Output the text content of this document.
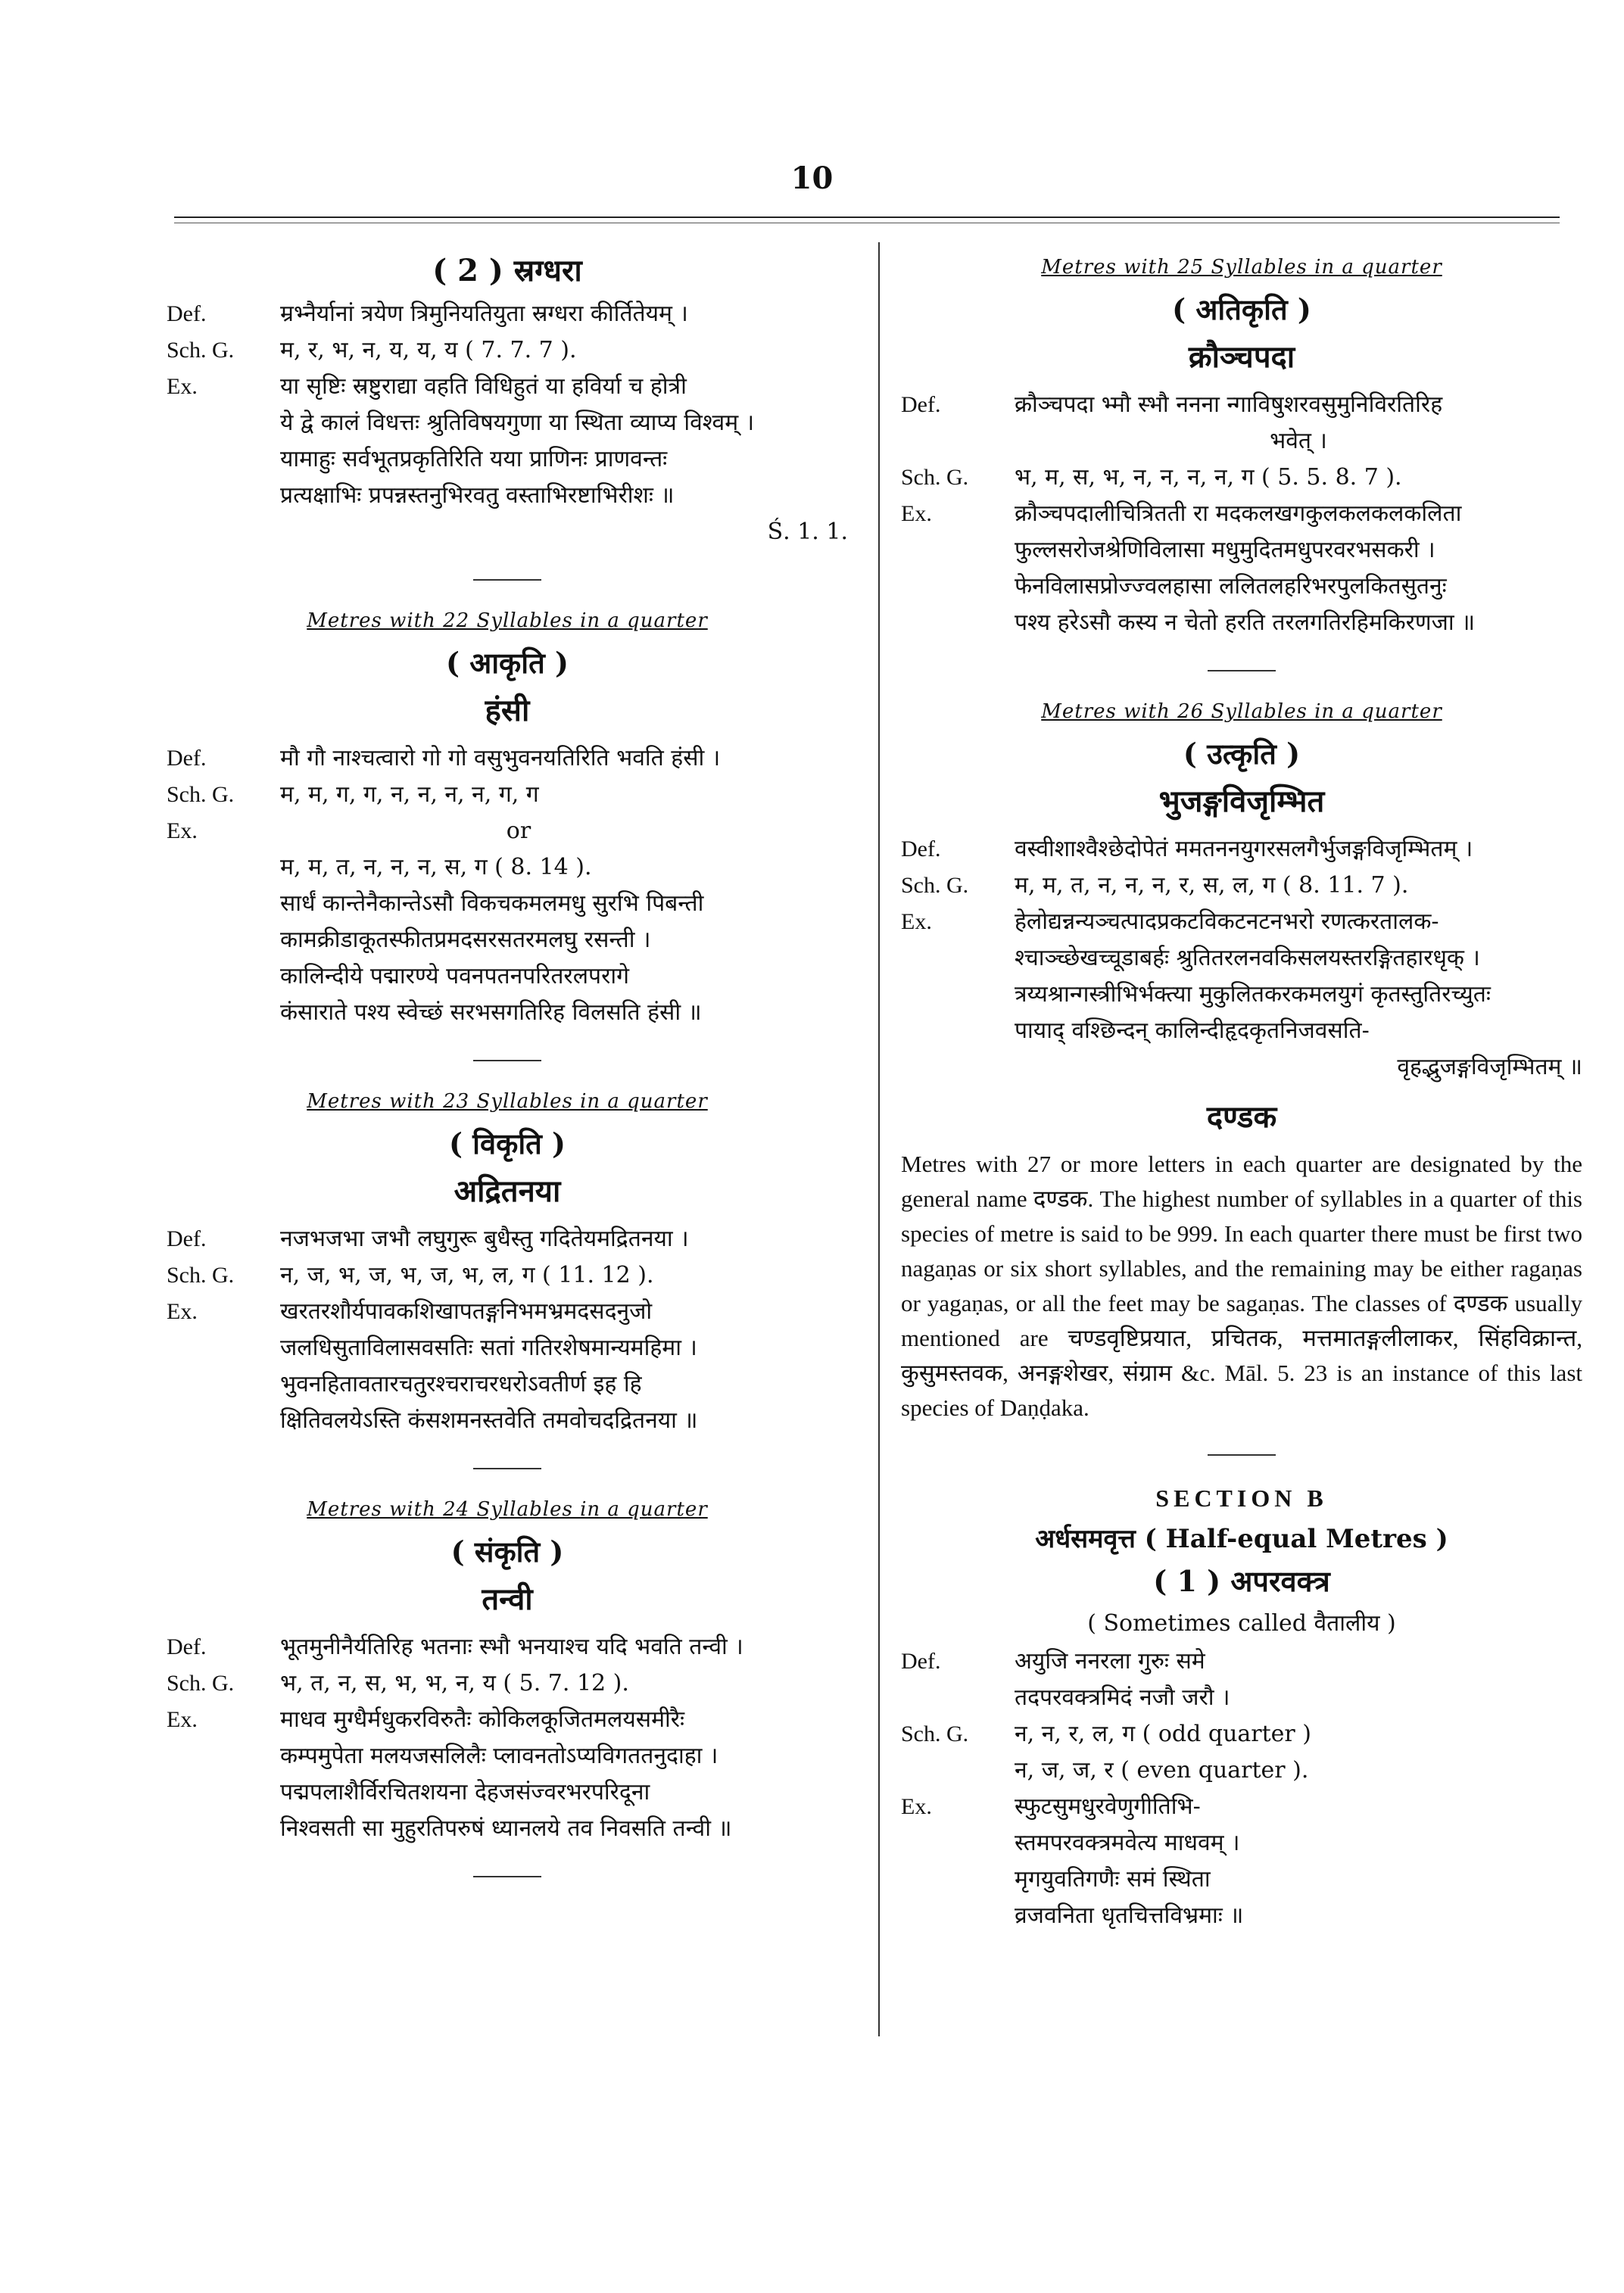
10
( 2 ) स्रग्धरा
Def.	म्रभ्नैर्यानां त्रयेण त्रिमुनियतियुता स्रग्धरा कीर्तितेयम् ।
Sch. G.	म, र, भ, न, य, य, य ( 7. 7. 7 ).
Ex.	या सृष्टिः स्रष्टुराद्या वहति विधिहुतं या हविर्या च होत्री
ये द्वे कालं विधत्तः श्रुतिविषयगुणा या स्थिता व्याप्य विश्वम् ।
यामाहुः सर्वभूतप्रकृतिरिति यया प्राणिनः प्राणवन्तः
प्रत्यक्षाभिः प्रपन्नस्तनुभिरवतु वस्ताभिरष्टाभिरीशः ॥
Ś. 1. 1.
Metres with 22 Syllables in a quarter
( आकृति )
हंसी
Def.	मौ गौ नाश्चत्वारो गो गो वसुभुवनयतिरिति भवति हंसी ।
Sch. G.	म, म, ग, ग, न, न, न, न, ग, ग
Ex.	or
म, म, त, न, न, न, स, ग ( 8. 14 ).
सार्धं कान्तेनैकान्तेऽसौ विकचकमलमधु सुरभि पिबन्ती
कामक्रीडाकूतस्फीतप्रमदसरसतरमलघु रसन्ती ।
कालिन्दीये पद्मारण्ये पवनपतनपरितरलपरागे
कंसाराते पश्य स्वेच्छं सरभसगतिरिह विलसति हंसी ॥
Metres with 23 Syllables in a quarter
( विकृति )
अद्रितनया
Def.	नजभजभा जभौ लघुगुरू बुधैस्तु गदितेयमद्रितनया ।
Sch. G.	न, ज, भ, ज, भ, ज, भ, ल, ग ( 11. 12 ).
Ex.	खरतरशौर्यपावकशिखापतङ्गनिभमभ्रमदसदनुजो
जलधिसुताविलासवसतिः सतां गतिरशेषमान्यमहिमा ।
भुवनहितावतारचतुरश्चराचरधरोऽवतीर्ण इह हि
क्षितिवलयेऽस्ति कंसशमनस्तवेति तमवोचदद्रितनया ॥
Metres with 24 Syllables in a quarter
( संकृति )
तन्वी
Def.	भूतमुनीनैर्यतिरिह भतनाः स्भौ भनयाश्च यदि भवति तन्वी ।
Sch. G.	भ, त, न, स, भ, भ, न, य ( 5. 7. 12 ).
Ex.	माधव मुग्धैर्मधुकरविरुतैः कोकिलकूजितमलयसमीरैः
कम्पमुपेता मलयजसलिलैः प्लावनतोऽप्यविगततनुदाहा ।
पद्मपलाशैर्विरचितशयना देहजसंज्वरभरपरिदूना
निश्वसती सा मुहुरतिपरुषं ध्यानलये तव निवसति तन्वी ॥
Metres with 25 Syllables in a quarter
( अतिकृति )
क्रौञ्चपदा
Def.	क्रौञ्चपदा भ्मौ स्भौ ननना न्गाविषुशरवसुमुनिविरतिरिह
भवेत् ।
Sch. G.	भ, म, स, भ, न, न, न, न, ग ( 5. 5. 8. 7 ).
Ex.	क्रौञ्चपदालीचित्रितती रा मदकलखगकुलकलकलकलिता
फुल्लसरोजश्रेणिविलासा मधुमुदितमधुपरवरभसकरी ।
फेनविलासप्रोज्ज्वलहासा ललितलहरिभरपुलकितसुतनुः
पश्य हरेऽसौ कस्य न चेतो हरति तरलगतिरहिमकिरणजा ॥
Metres with 26 Syllables in a quarter
( उत्कृति )
भुजङ्गविजृम्भित
Def.	वस्वीशाश्वैश्छेदोपेतं ममतननयुगरसलगैर्भुजङ्गविजृम्भितम् ।
Sch. G.	म, म, त, न, न, न, र, स, ल, ग ( 8. 11. 7 ).
Ex.	हेलोद्यन्नन्यञ्चत्पादप्रकटविकटनटनभरो रणत्करतालक-
श्चाञ्च्छेखच्चूडाबर्हः श्रुतितरलनवकिसलयस्तरङ्गितहारधृक् ।
त्रय्यश्रान्गस्त्रीभिर्भक्त्या मुकुलितकरकमलयुगं कृतस्तुतिरच्युतः
पायाद् वश्छिन्दन् कालिन्दीहृदकृतनिजवसति-
वृहद्भुजङ्गविजृम्भितम् ॥
दण्डक
Metres with 27 or more letters in each quarter are designated by the general name दण्डक. The highest number of syllables in a quarter of this species of metre is said to be 999. In each quarter there must be first two nagaṇas or six short syllables, and the remaining may be either ragaṇas or yagaṇas, or all the feet may be sagaṇas. The classes of दण्डक usually mentioned are चण्डवृष्टिप्रयात, प्रचितक, मत्तमातङ्गलीलाकर, सिंहविक्रान्त, कुसुमस्तवक, अनङ्गशेखर, संग्राम &c. Māl. 5. 23 is an instance of this last species of Daṇḍaka.
SECTION B
अर्धसमवृत्त ( Half-equal Metres )
( 1 ) अपरवक्त्र
( Sometimes called वैतालीय )
Def.	अयुजि ननरला गुरुः समे
तदपरवक्त्रमिदं नजौ जरौ ।
Sch. G.	न, न, र, ल, ग ( odd quarter )
न, ज, ज, र ( even quarter ).
Ex.	स्फुटसुमधुरवेणुगीतिभि-
स्तमपरवक्त्रमवेत्य माधवम् ।
मृगयुवतिगणैः समं स्थिता
व्रजवनिता धृतचित्तविभ्रमाः ॥
